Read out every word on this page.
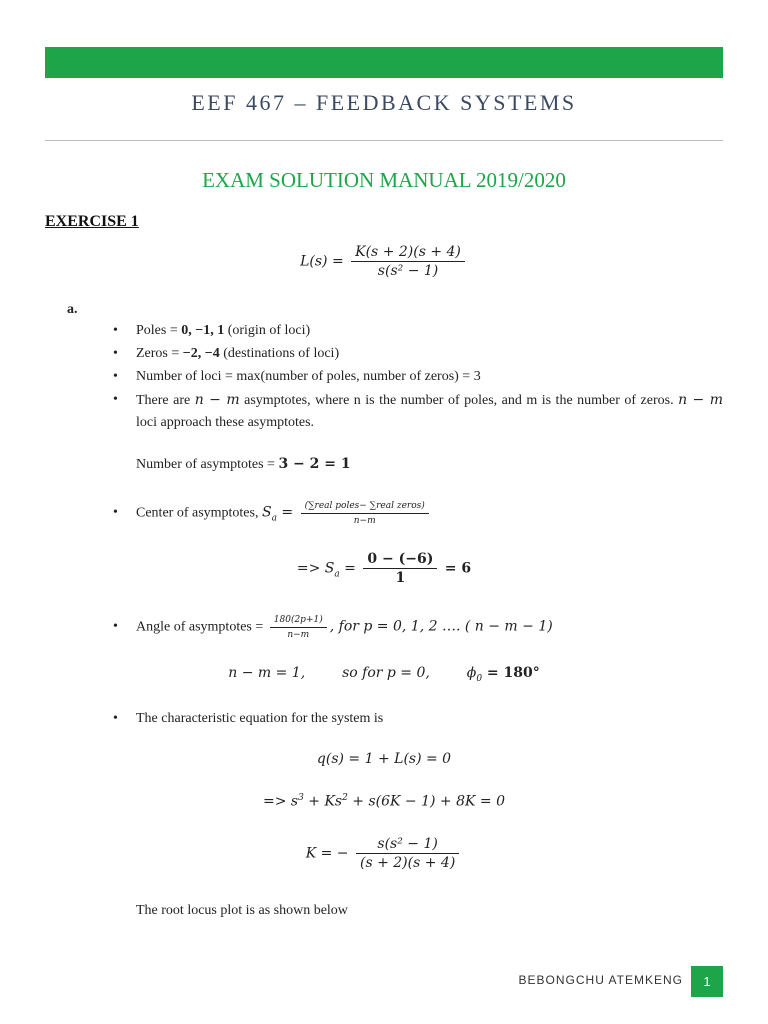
EEF 467 – FEEDBACK SYSTEMS
EXAM SOLUTION MANUAL 2019/2020
EXERCISE 1
$L(s) = \frac{K(s + 2)(s + 4)}{\text{s(s² − 1)}}$
a.
• Poles = 0, −1, 1 (origin of loci)
• Zeros = −2, −4 (destinations of loci)
• Number of loci = max(number of poles, number of zeros) = 3
• There are n − m asymptotes, where n is the number of poles, and m is the number of zeros. n − m loci approach these asymptotes.
Number of asymptotes = 3 − 2 = 1
• Center of asymptotes, $S_a = \frac{\text{(∑real poles− ∑real zeros)}}{n-m}$
=> $S_a = \frac{0 - (-6)}{1} = 6$
• Angle of asymptotes = $\frac{180(2p+1)}{n-m}$ , for p = 0, 1, 2 …. ( n − m − 1)
n − m = 1,	so for p = 0,	$\phi_0 = 180^\circ$
• The characteristic equation for the system is
q(s) = 1 + L(s) = 0
=> $s^3 + Ks^2 + s(6K - 1) + 8K = 0$
K = − $\frac{\text{s(s² − 1)}}{(s + 2)(s + 4)}$
The root locus plot is as shown below
BEBONGCHU ATEMKENG	1
